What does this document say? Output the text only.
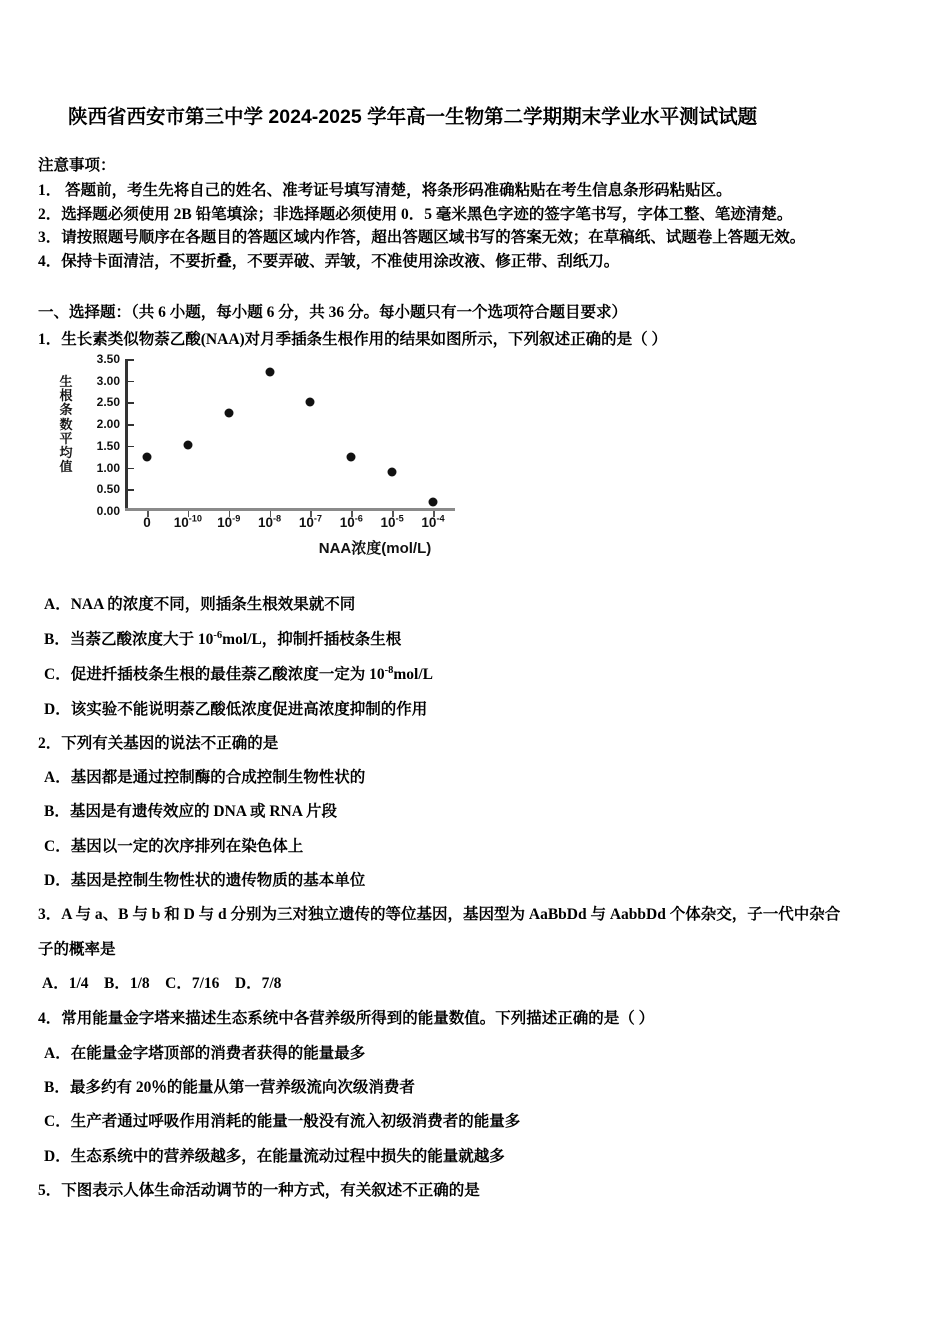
陕西省西安市第三中学 2024-2025 学年高一生物第二学期期末学业水平测试试题
注意事项：
1． 答题前，考生先将自己的姓名、准考证号填写清楚，将条形码准确粘贴在考生信息条形码粘贴区。
2．选择题必须使用 2B 铅笔填涂；非选择题必须使用 0．5 毫米黑色字迹的签字笔书写，字体工整、笔迹清楚。
3．请按照题号顺序在各题目的答题区域内作答，超出答题区域书写的答案无效；在草稿纸、试题卷上答题无效。
4．保持卡面清洁，不要折叠，不要弄破、弄皱，不准使用涂改液、修正带、刮纸刀。
一、选择题：（共 6 小题，每小题 6 分，共 36 分。每小题只有一个选项符合题目要求）
1．生长素类似物萘乙酸(NAA)对月季插条生根作用的结果如图所示，下列叙述正确的是（ ）
生
根
条
数
平
均
值
0.00
0.50
1.00
1.50
2.00
2.50
3.00
3.50
0 $10^{-10}$ $10^{-9}$ $10^{-8}$ $10^{-7}$ $10^{-6}$ $10^{-5}$ $10^{-4}$
NAA浓度(mol/L)
A．NAA 的浓度不同，则插条生根效果就不同
B．当萘乙酸浓度大于 $10^{-6}mol/L$，抑制扦插枝条生根
C．促进扦插枝条生根的最佳萘乙酸浓度一定为 $10^{-8}mol/L$
D．该实验不能说明萘乙酸低浓度促进高浓度抑制的作用
2．下列有关基因的说法不正确的是
A．基因都是通过控制酶的合成控制生物性状的
B．基因是有遗传效应的 DNA 或 RNA 片段
C．基因以一定的次序排列在染色体上
D．基因是控制生物性状的遗传物质的基本单位
3．A 与 a、B 与 b 和 D 与 d 分别为三对独立遗传的等位基因，基因型为 AaBbDd 与 AabbDd 个体杂交，子一代中杂合
子的概率是
A．1/4　B．1/8　C．7/16　D．7/8
4．常用能量金字塔来描述生态系统中各营养级所得到的能量数值。下列描述正确的是（ ）
A．在能量金字塔顶部的消费者获得的能量最多
B．最多约有 20％的能量从第一营养级流向次级消费者
C．生产者通过呼吸作用消耗的能量一般没有流入初级消费者的能量多
D．生态系统中的营养级越多，在能量流动过程中损失的能量就越多
5．下图表示人体生命活动调节的一种方式，有关叙述不正确的是
